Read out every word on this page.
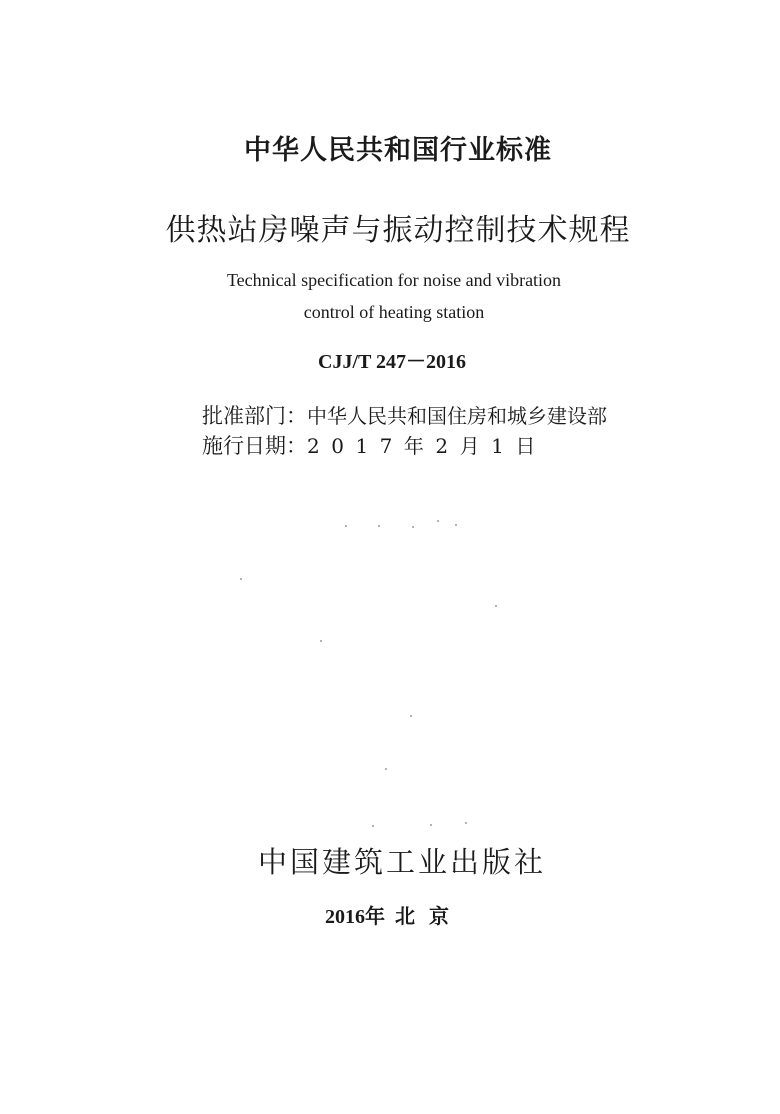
中华人民共和国行业标准
供热站房噪声与振动控制技术规程
Technical specification for noise and vibration
control of heating station
CJJ/T 247－2016
批准部门：中华人民共和国住房和城乡建设部
施行日期：2017年2月1日
中国建筑工业出版社
2016年 北京
